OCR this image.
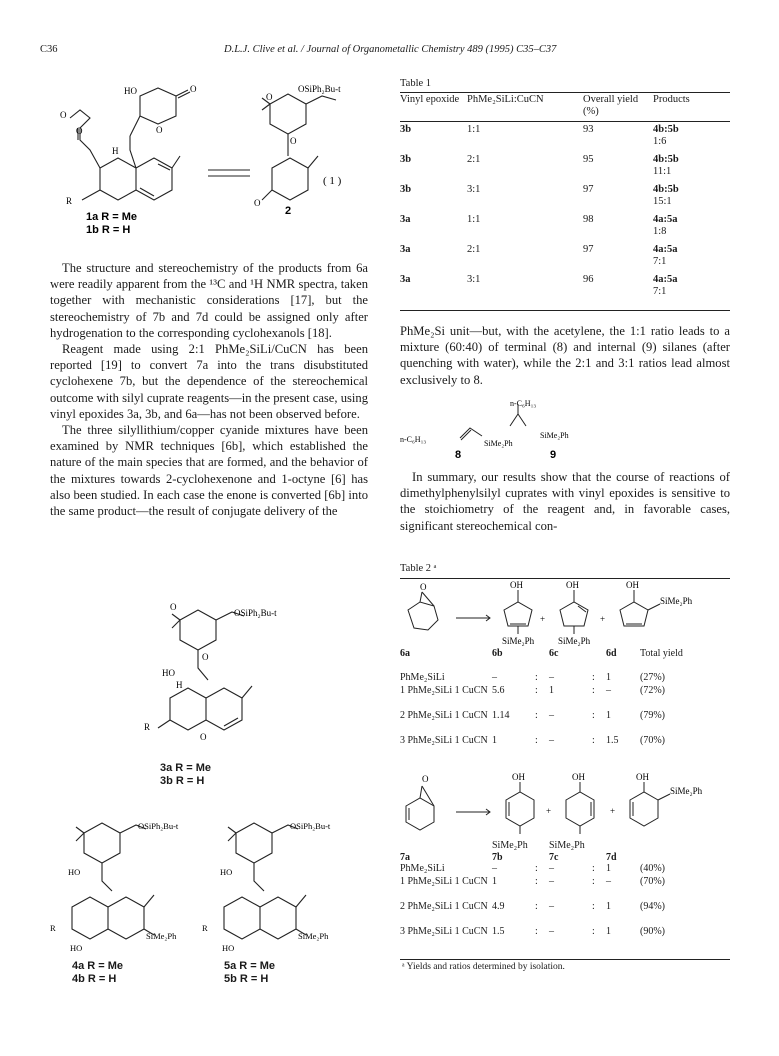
C36	D.L.J. Clive et al. / Journal of Organometallic Chemistry 489 (1995) C35–C37
HO	O
O
O
O
H
R
OSiPh₂Bu-t
O
O
O
( 1 )
1a R = Me
1b R = H
2

The structure and stereochemistry of the products from 6a were readily apparent from the ¹³C and ¹H NMR spectra, taken together with mechanistic considerations [17], but the stereochemistry of 7b and 7d could be assigned only after hydrogenation to the corresponding cyclohexanols [18].

Reagent made using 2:1 PhMe₂SiLi/CuCN has been reported [19] to convert 7a into the trans disubstituted cyclohexene 7b, but the dependence of the stereochemical outcome with silyl cuprate reagents—in the present case, using vinyl epoxides 3a, 3b, and 6a—has not been observed before.

The three silyllithium/copper cyanide mixtures have been examined by NMR techniques [6b], which established the nature of the main species that are formed, and the behavior of the mixtures towards 2-cyclohexenone and 1-octyne [6] has also been studied. In each case the enone is converted [6b] into the same product—the result of conjugate delivery of the

OSiPh₂Bu-t
O
O
HO
H
R
O
3a R = Me
3b R = H
OSiPh₂Bu-t
HO
R
SiMe₂Ph
HO
4a R = Me
4b R = H
OSiPh₂Bu-t
HO
R
SiMe₂Ph
HO
5a R = Me
5b R = H
Table 1
Vinyl epoxide	PhMe₂SiLi:CuCN	Overall yield (%)	Products
3b	1:1	93	4b:5b
1:6

3b	2:1	95	4b:5b
11:1

3b	3:1	97	4b:5b
15:1

3a	1:1	98	4a:5a
1:8

3a	2:1	97	4a:5a
7:1

3a	3:1	96	4a:5a
7:1

PhMe₂Si unit—but, with the acetylene, the 1:1 ratio leads to a mixture (60:40) of terminal (8) and internal (9) silanes (after quenching with water), while the 2:1 and 3:1 ratios lead almost exclusively to 8.

n-C₆H₁₃	SiMe₂Ph
n-C₆H₁₃
SiMe₂Ph
8	9

In summary, our results show that the course of reactions of dimethylphenylsilyl cuprates with vinyl epoxides is sensitive to the stoichiometry of the reagent and, in favorable cases, significant stereochemical con-

Table 2 ᵃ
O	OH
+
OH
+
OH
SiMe₂Ph
SiMe₂Ph	SiMe₂Ph
6a	6b		6c		6d	Total yield
PhMe₂SiLi	–	:	–	:	1	(27%)
1 PhMe₂SiLi 1 CuCN	5.6	:	1	:	–	(72%)
2 PhMe₂SiLi 1 CuCN	1.14	:	–	:	1	(79%)
3 PhMe₂SiLi 1 CuCN	1	:	–	:	1.5	(70%)
O	OH
+
OH
+
OH
SiMe₂Ph
	SiMe₂Ph		SiMe₂Ph			
7a	7b		7c		7d	
PhMe₂SiLi	–	:	–	:	1	(40%)
1 PhMe₂SiLi 1 CuCN	1	:	–	:	–	(70%)
2 PhMe₂SiLi 1 CuCN	4.9	:	–	:	1	(94%)
3 PhMe₂SiLi 1 CuCN	1.5	:	–	:	1	(90%)
ᵃ Yields and ratios determined by isolation.
